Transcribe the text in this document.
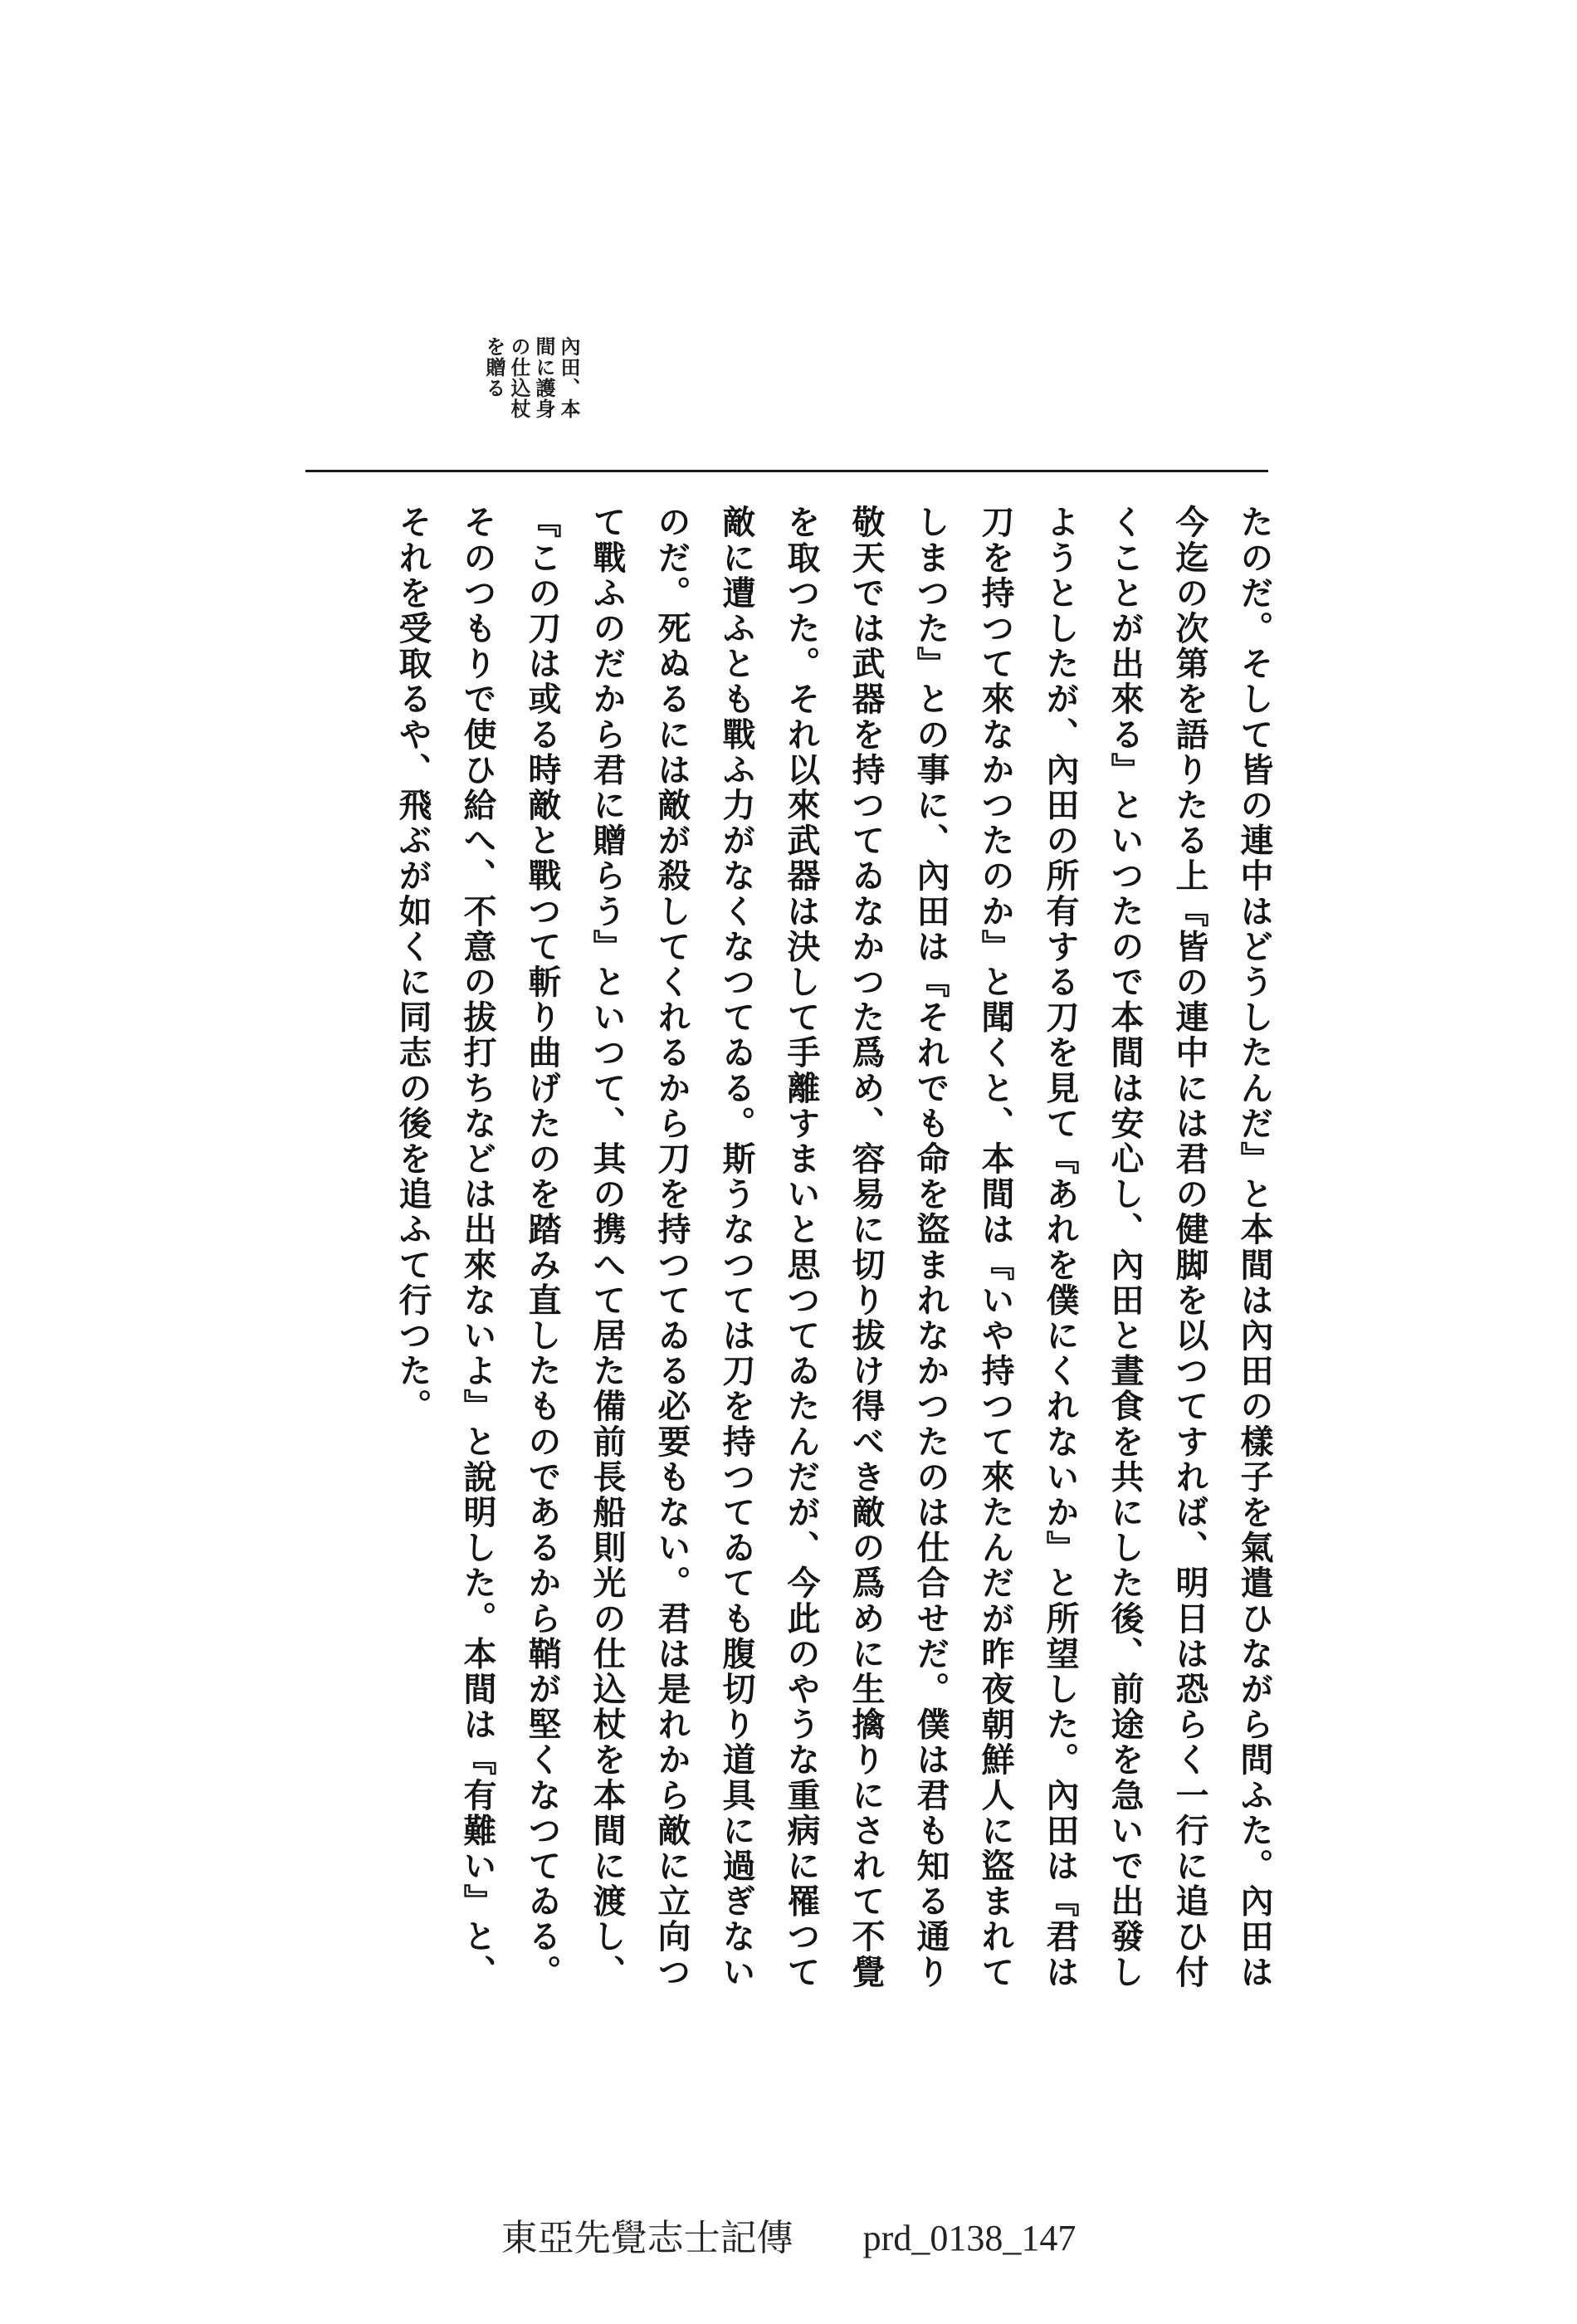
內田、本
間に護身
の仕込杖
を贈る
たのだ。そして皆の連中はどうしたんだ』と本間は內田の樣子を氣遣ひながら問ふた。內田は
今迄の次第を語りたる上『皆の連中には君の健脚を以つてすれば、明日は恐らく一行に追ひ付
くことが出來る』といつたので本間は安心し、內田と晝食を共にした後、前途を急いで出發し
ようとしたが、內田の所有する刀を見て『あれを僕にくれないか』と所望した。內田は『君は
刀を持つて來なかつたのか』と聞くと、本間は『いや持つて來たんだが昨夜朝鮮人に盜まれて
しまつた』との事に、內田は『それでも命を盜まれなかつたのは仕合せだ。僕は君も知る通り
敬天では武器を持つてゐなかつた爲め、容易に切り拔け得べき敵の爲めに生擒りにされて不覺
を取つた。それ以來武器は決して手離すまいと思つてゐたんだが、今此のやうな重病に罹つて
敵に遭ふとも戰ふ力がなくなつてゐる。斯うなつては刀を持つてゐても腹切り道具に過ぎない
のだ。死ぬるには敵が殺してくれるから刀を持つてゐる必要もない。君は是れから敵に立向つ
て戰ふのだから君に贈らう』といつて、其の携へて居た備前長船則光の仕込杖を本間に渡し、
『この刀は或る時敵と戰つて斬り曲げたのを踏み直したものであるから鞘が堅くなつてゐる。
そのつもりで使ひ給へ、不意の拔打ちなどは出來ないよ』と說明した。本間は『有難い』と、
それを受取るや、飛ぶが如くに同志の後を追ふて行つた。
東亞先覺志士記傳 prd_0138_147
